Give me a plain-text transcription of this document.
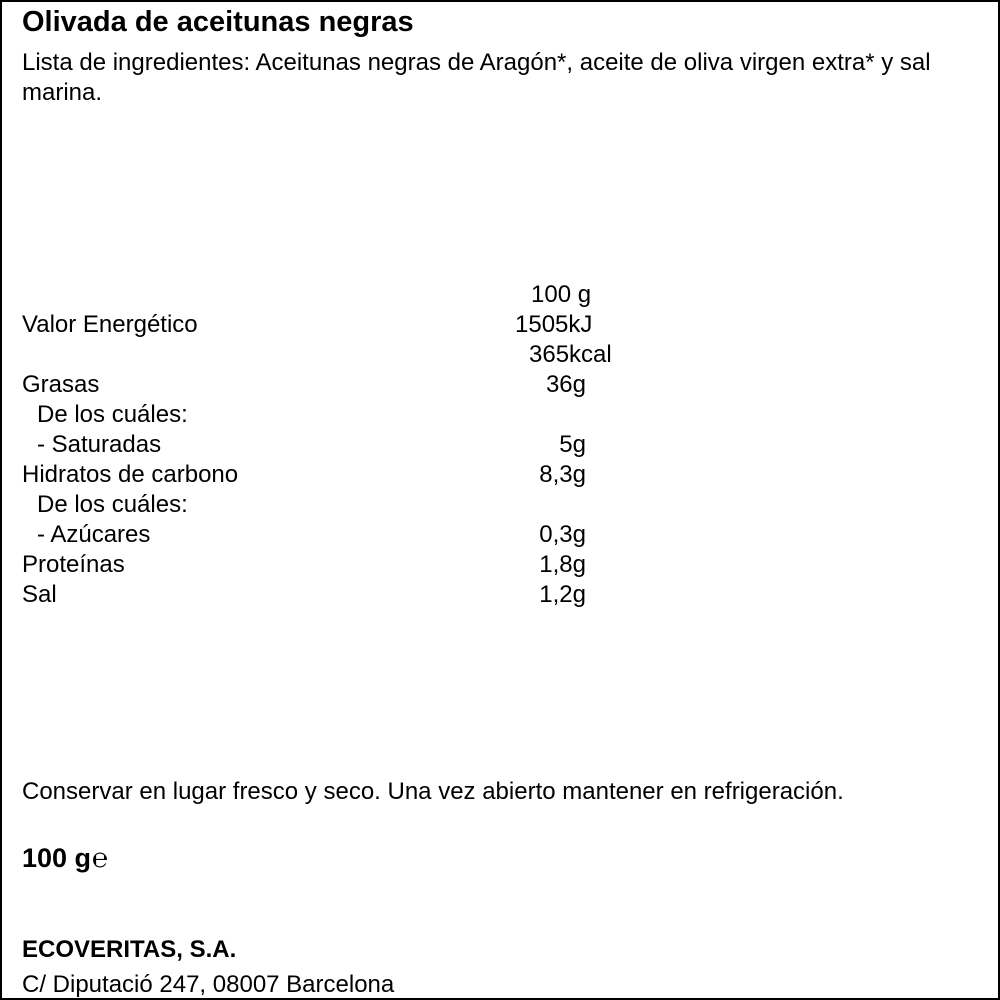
Olivada de aceitunas negras
Lista de ingredientes: Aceitunas negras de Aragón*, aceite de oliva virgen extra* y sal marina.
100 g
Valor Energético	1505kJ
365kcal
Grasas	36g
De los cuáles:
- Saturadas	5g
Hidratos de carbono	8,3g
De los cuáles:
- Azúcares	0,3g
Proteínas	1,8g
Sal	1,2g
Conservar en lugar fresco y seco. Una vez abierto mantener en refrigeración.
100 g℮
ECOVERITAS, S.A.
C/ Diputació 247, 08007 Barcelona
